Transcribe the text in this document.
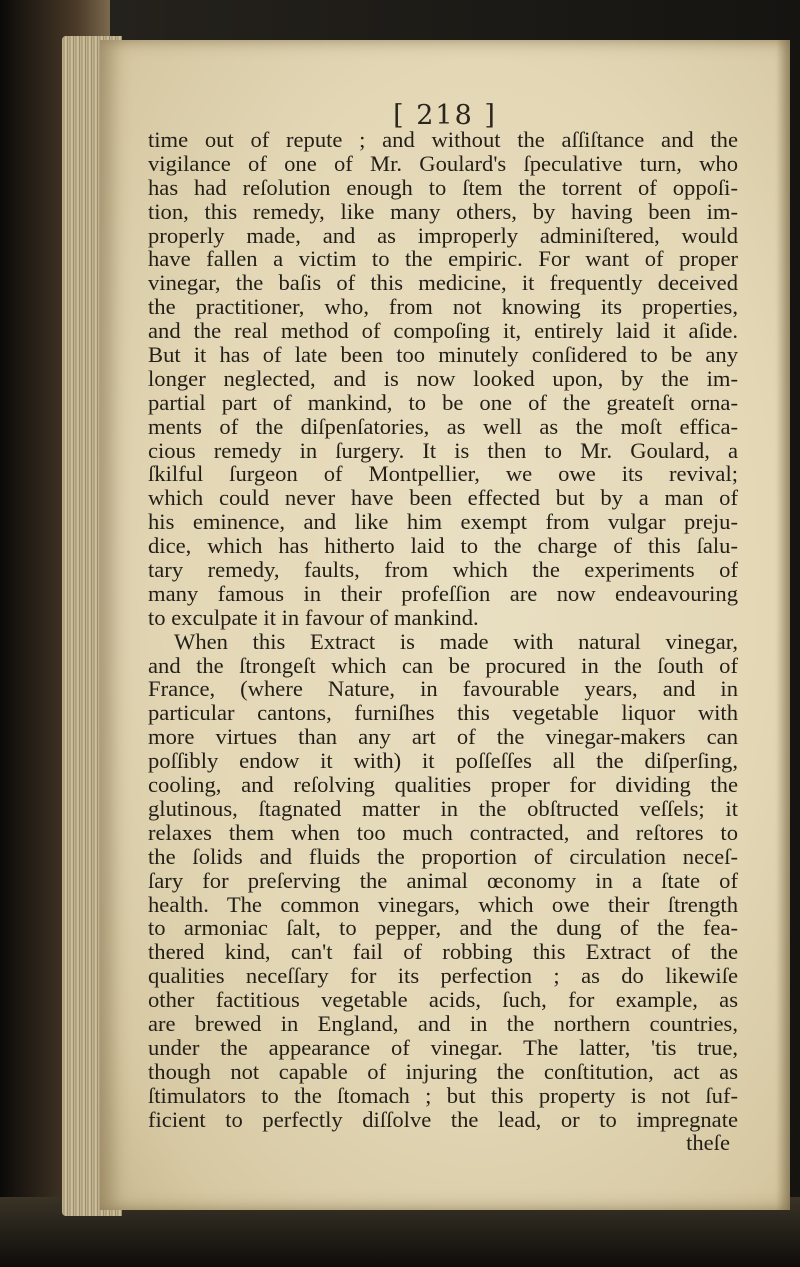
[ 218 ]
time out of repute ; and without the aſſiſtance and the
vigilance of one of Mr. Goulard's ſpeculative turn, who
has had reſolution enough to ſtem the torrent of oppoſi-
tion, this remedy, like many others, by having been im-
properly made, and as improperly adminiſtered, would
have fallen a victim to the empiric. For want of proper
vinegar, the baſis of this medicine, it frequently deceived
the practitioner, who, from not knowing its properties,
and the real method of compoſing it, entirely laid it aſide.
But it has of late been too minutely conſidered to be any
longer neglected, and is now looked upon, by the im-
partial part of mankind, to be one of the greateſt orna-
ments of the diſpenſatories, as well as the moſt effica-
cious remedy in ſurgery. It is then to Mr. Goulard, a
ſkilful ſurgeon of Montpellier, we owe its revival;
which could never have been effected but by a man of
his eminence, and like him exempt from vulgar preju-
dice, which has hitherto laid to the charge of this ſalu-
tary remedy, faults, from which the experiments of
many famous in their profeſſion are now endeavouring
to exculpate it in favour of mankind.
When this Extract is made with natural vinegar,
and the ſtrongeſt which can be procured in the ſouth of
France, (where Nature, in favourable years, and in
particular cantons, furniſhes this vegetable liquor with
more virtues than any art of the vinegar-makers can
poſſibly endow it with) it poſſeſſes all the diſperſing,
cooling, and reſolving qualities proper for dividing the
glutinous, ſtagnated matter in the obſtructed veſſels; it
relaxes them when too much contracted, and reſtores to
the ſolids and fluids the proportion of circulation neceſ-
ſary for preſerving the animal œconomy in a ſtate of
health. The common vinegars, which owe their ſtrength
to armoniac ſalt, to pepper, and the dung of the fea-
thered kind, can't fail of robbing this Extract of the
qualities neceſſary for its perfection ; as do likewiſe
other factitious vegetable acids, ſuch, for example, as
are brewed in England, and in the northern countries,
under the appearance of vinegar. The latter, 'tis true,
though not capable of injuring the conſtitution, act as
ſtimulators to the ſtomach ; but this property is not ſuf-
ficient to perfectly diſſolve the lead, or to impregnate
theſe
